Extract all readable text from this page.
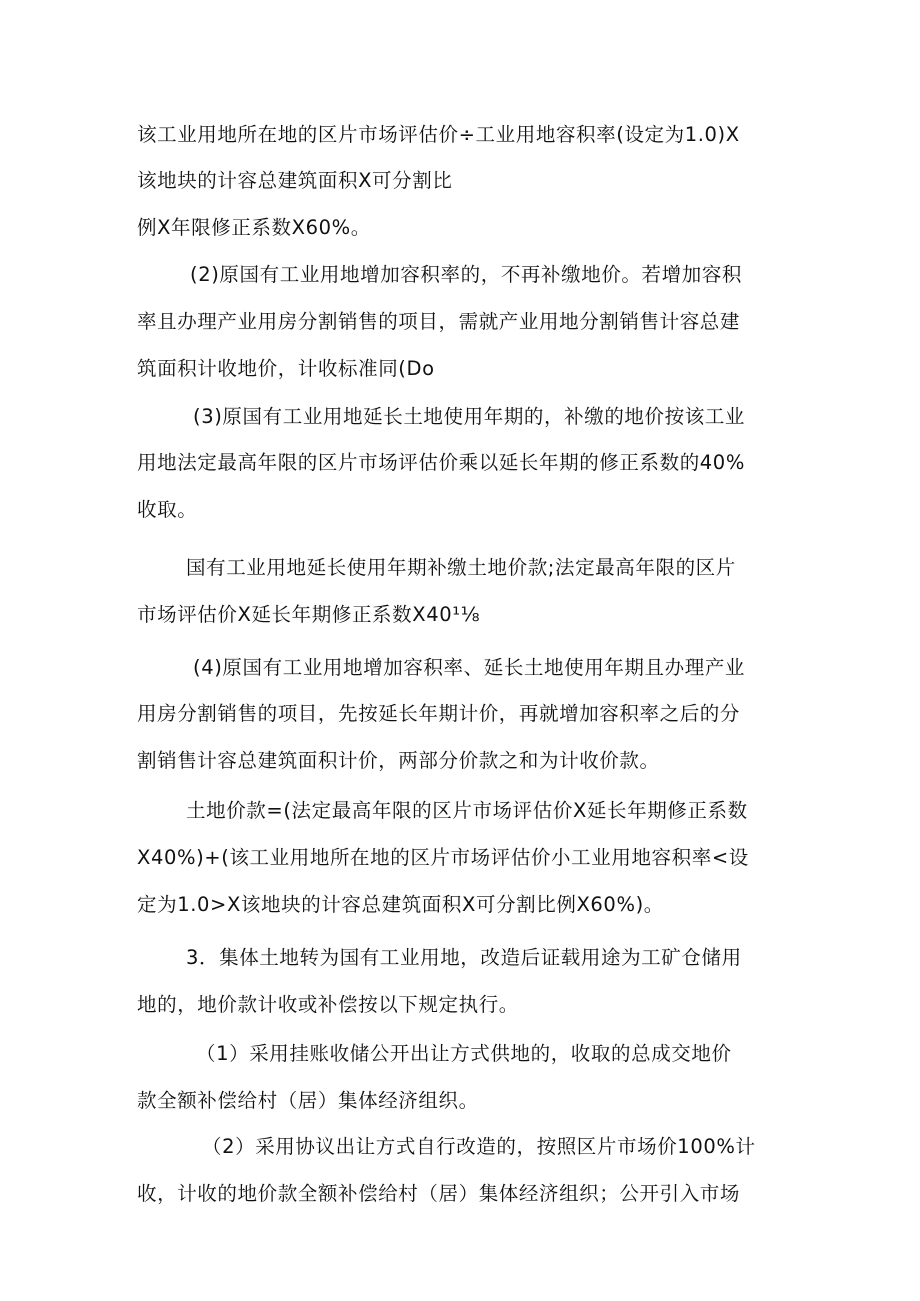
该工业用地所在地的区片市场评估价÷工业用地容积率(设定为1.0)X
该地块的计容总建筑面积X可分割比
例X年限修正系数X60%。
(2)原国有工业用地增加容积率的，不再补缴地价。若增加容积
率且办理产业用房分割销售的项目，需就产业用地分割销售计容总建
筑面积计收地价，计收标准同(Do
(3)原国有工业用地延长土地使用年期的，补缴的地价按该工业
用地法定最高年限的区片市场评估价乘以延长年期的修正系数的40%
收取。
国有工业用地延长使用年期补缴土地价款;法定最高年限的区片
市场评估价X延长年期修正系数X40¹⅛
(4)原国有工业用地增加容积率、延长土地使用年期且办理产业
用房分割销售的项目，先按延长年期计价，再就增加容积率之后的分
割销售计容总建筑面积计价，两部分价款之和为计收价款。
土地价款=(法定最高年限的区片市场评估价X延长年期修正系数
X40%)+(该工业用地所在地的区片市场评估价小工业用地容积率<设
定为1.0>X该地块的计容总建筑面积X可分割比例X60%)。
3．集体土地转为国有工业用地，改造后证载用途为工矿仓储用
地的，地价款计收或补偿按以下规定执行。
（1）采用挂账收储公开出让方式供地的，收取的总成交地价
款全额补偿给村（居）集体经济组织。
（2）采用协议出让方式自行改造的，按照区片市场价100%计
收，计收的地价款全额补偿给村（居）集体经济组织；公开引入市场
